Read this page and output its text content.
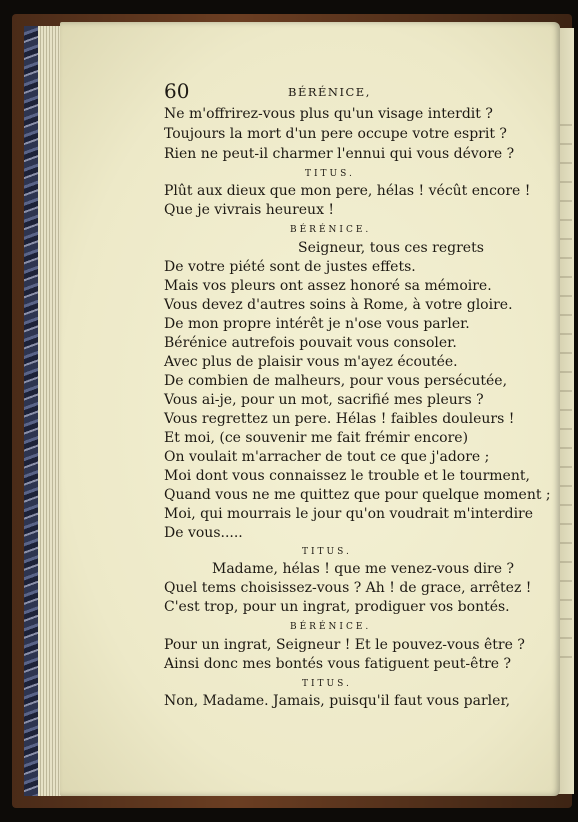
60	BÉRÉNICE,
Ne m'offrirez-vous plus qu'un visage interdit ?
Toujours la mort d'un pere occupe votre esprit ?
Rien ne peut-il charmer l'ennui qui vous dévore ?
TITUS.
Plût aux dieux que mon pere, hélas ! vécût encore !
Que je vivrais heureux !
BÉRÉNICE.
Seigneur, tous ces regrets
De votre piété sont de justes effets.
Mais vos pleurs ont assez honoré sa mémoire.
Vous devez d'autres soins à Rome, à votre gloire.
De mon propre intérêt je n'ose vous parler.
Bérénice autrefois pouvait vous consoler.
Avec plus de plaisir vous m'ayez écoutée.
De combien de malheurs, pour vous persécutée,
Vous ai-je, pour un mot, sacrifié mes pleurs ?
Vous regrettez un pere. Hélas ! faibles douleurs !
Et moi, (ce souvenir me fait frémir encore)
On voulait m'arracher de tout ce que j'adore ;
Moi dont vous connaissez le trouble et le tourment,
Quand vous ne me quittez que pour quelque moment ;
Moi, qui mourrais le jour qu'on voudrait m'interdire
De vous.....
TITUS.
Madame, hélas ! que me venez-vous dire ?
Quel tems choisissez-vous ? Ah ! de grace, arrêtez !
C'est trop, pour un ingrat, prodiguer vos bontés.
BÉRÉNICE.
Pour un ingrat, Seigneur ! Et le pouvez-vous être ?
Ainsi donc mes bontés vous fatiguent peut-être ?
TITUS.
Non, Madame. Jamais, puisqu'il faut vous parler,
